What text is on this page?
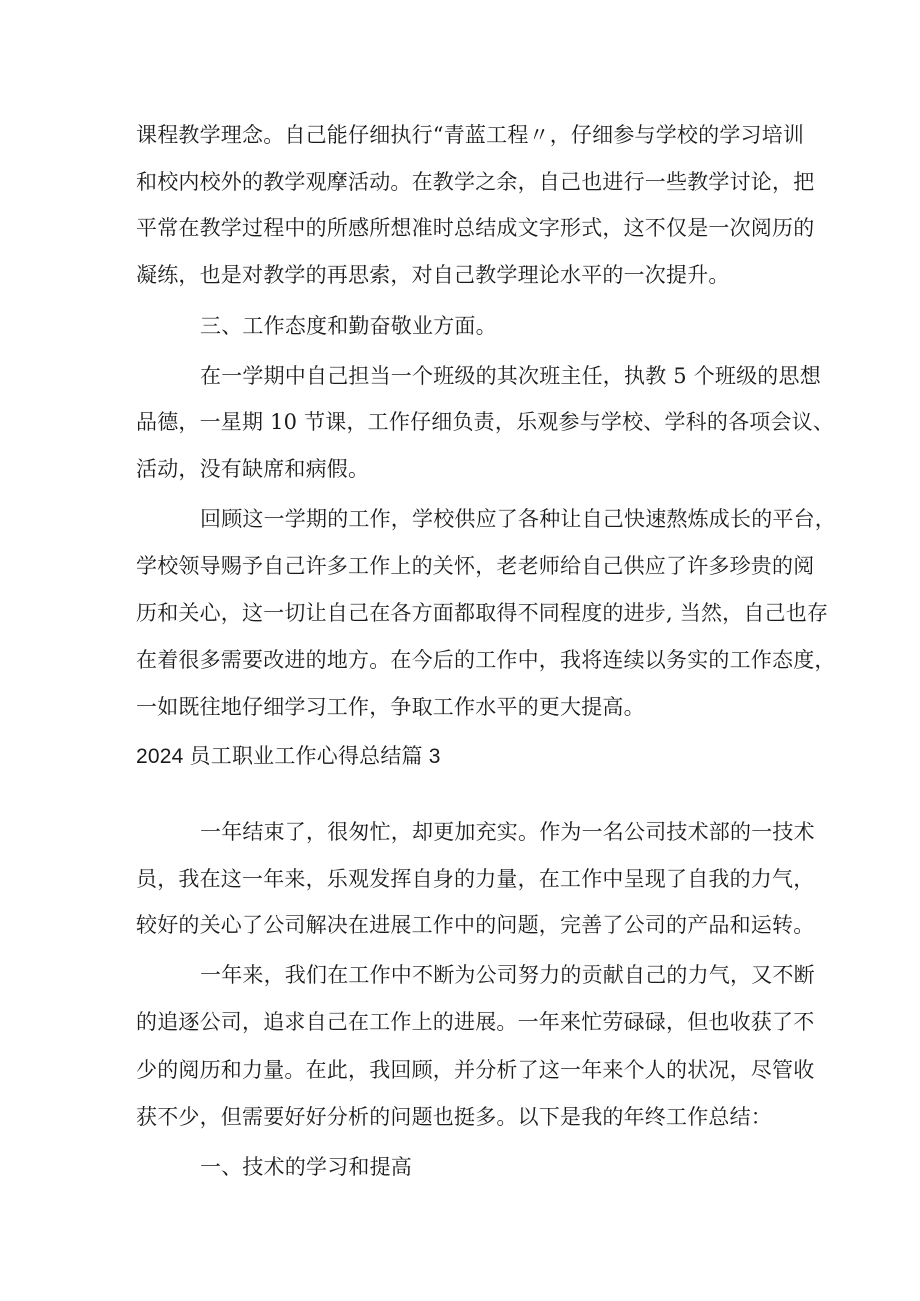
课程教学理念。自己能仔细执行“青蓝工程〃，仔细参与学校的学习培训
和校内校外的教学观摩活动。在教学之余，自己也进行一些教学讨论，把
平常在教学过程中的所感所想准时总结成文字形式，这不仅是一次阅历的
凝练，也是对教学的再思索，对自己教学理论水平的一次提升。
三、工作态度和勤奋敬业方面。
在一学期中自己担当一个班级的其次班主任，执教 5 个班级的思想
品德，一星期 10 节课，工作仔细负责，乐观参与学校、学科的各项会议、
活动，没有缺席和病假。
回顾这一学期的工作，学校供应了各种让自己快速熬炼成长的平台，
学校领导赐予自己许多工作上的关怀，老老师给自己供应了许多珍贵的阅
历和关心，这一切让自己在各方面都取得不同程度的进步, 当然，自己也存
在着很多需要改进的地方。在今后的工作中，我将连续以务实的工作态度，
一如既往地仔细学习工作，争取工作水平的更大提高。
2024 员工职业工作心得总结篇 3
一年结束了，很匆忙，却更加充实。作为一名公司技术部的一技术
员，我在这一年来，乐观发挥自身的力量，在工作中呈现了自我的力气，
较好的关心了公司解决在进展工作中的问题，完善了公司的产品和运转。
一年来，我们在工作中不断为公司努力的贡献自己的力气，又不断
的追逐公司，追求自己在工作上的进展。一年来忙劳碌碌，但也收获了不
少的阅历和力量。在此，我回顾，并分析了这一年来个人的状况，尽管收
获不少，但需要好好分析的问题也挺多。以下是我的年终工作总结：
一、技术的学习和提高
